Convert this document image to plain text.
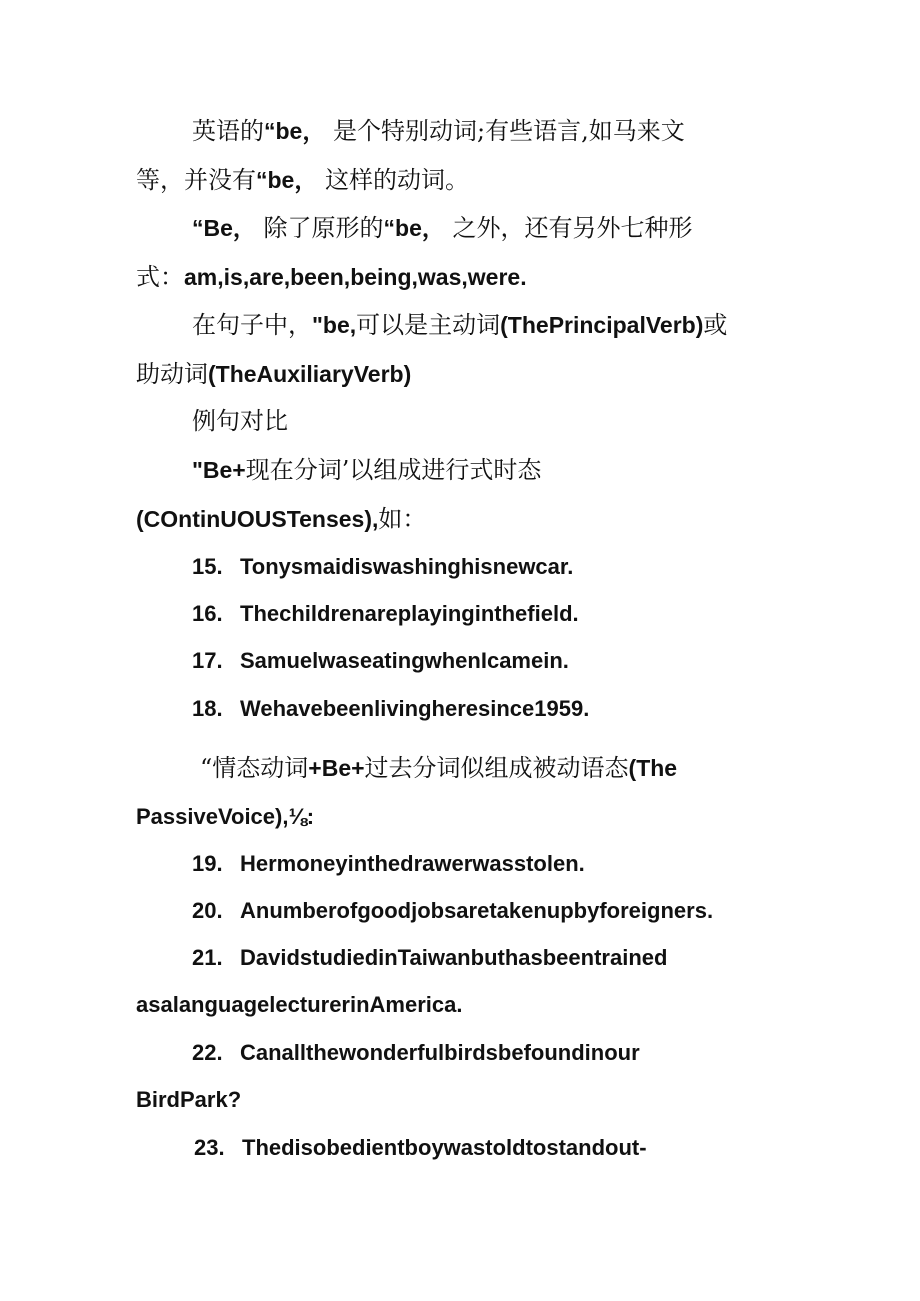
英语的“be， 是个特别动词;有些语言,如马来文
等，并没有“be， 这样的动词。
“Be， 除了原形的“be， 之外，还有另外七种形
式：am,is,are,been,being,was,were.
在句子中，"be,可以是主动词(ThePrincipalVerb)或
助动词(TheAuxiliaryVerb)
例句对比
"Be+现在分词’以组成进行式时态
(COntinUOUSTenses),如：
15. Tonysmaidiswashinghisnewcar.
16. Thechildrenareplayinginthefield.
17. SamuelwaseatingwhenIcamein.
18. Wehavebeenlivingheresince1959.
“情态动词+Be+过去分词似组成被动语态(The
PassiveVoice),⅛:
19. Hermoneyinthedrawerwasstolen.
20. Anumberofgoodjobsaretakenupbyforeigners.
21. DavidstudiedinTaiwanbuthasbeentrained
asalanguagelecturerinAmerica.
22. Canallthewonderfulbirdsbefoundinour
BirdPark?
23. Thedisobedientboywastoldtostandout-
